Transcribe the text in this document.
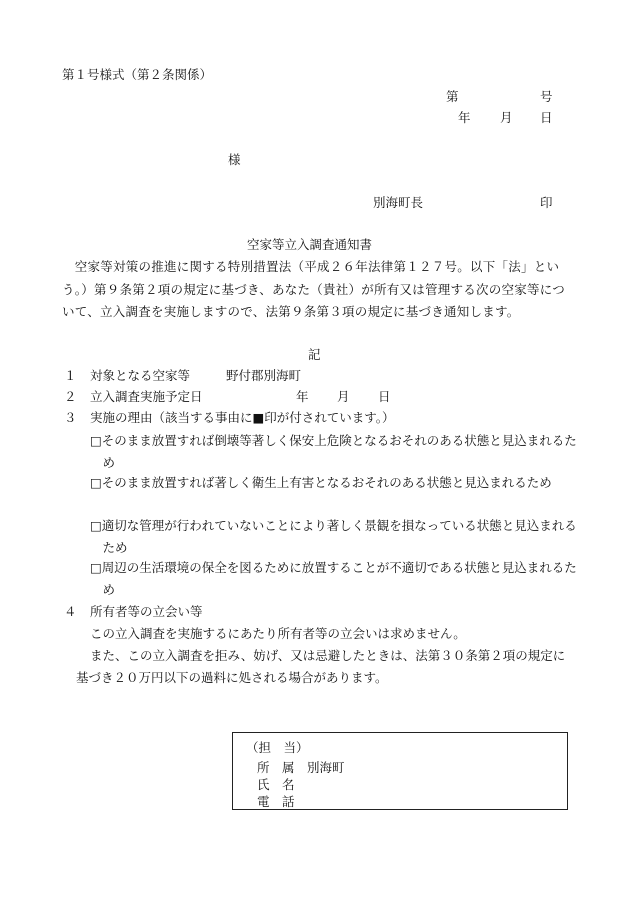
第１号様式（第２条関係）
第	号
年 月 日
様
別海町長	印
空家等立入調査通知書
　空家等対策の推進に関する特別措置法（平成２６年法律第１２７号。以下「法」という。）第９条第２項の規定に基づき、あなた（貴社）が所有又は管理する次の空家等について、立入調査を実施しますので、法第９条第３項の規定に基づき通知します。
記
１ 対象となる空家等	野付郡別海町
２ 立入調査実施予定日	年 月 日
３ 実施の理由（該当する事由に■印が付されています。）
□そのまま放置すれば倒壊等著しく保安上危険となるおそれのある状態と見込まれるため
□そのまま放置すれば著しく衛生上有害となるおそれのある状態と見込まれるため
□適切な管理が行われていないことにより著しく景観を損なっている状態と見込まれるため
□周辺の生活環境の保全を図るために放置することが不適切である状態と見込まれるため
４ 所有者等の立会い等
この立入調査を実施するにあたり所有者等の立会いは求めません。
また、この立入調査を拒み、妨げ、又は忌避したときは、法第３０条第２項の規定に基づき２０万円以下の過料に処される場合があります。
（担　当）
所　属 別海町
氏　名
電　話
